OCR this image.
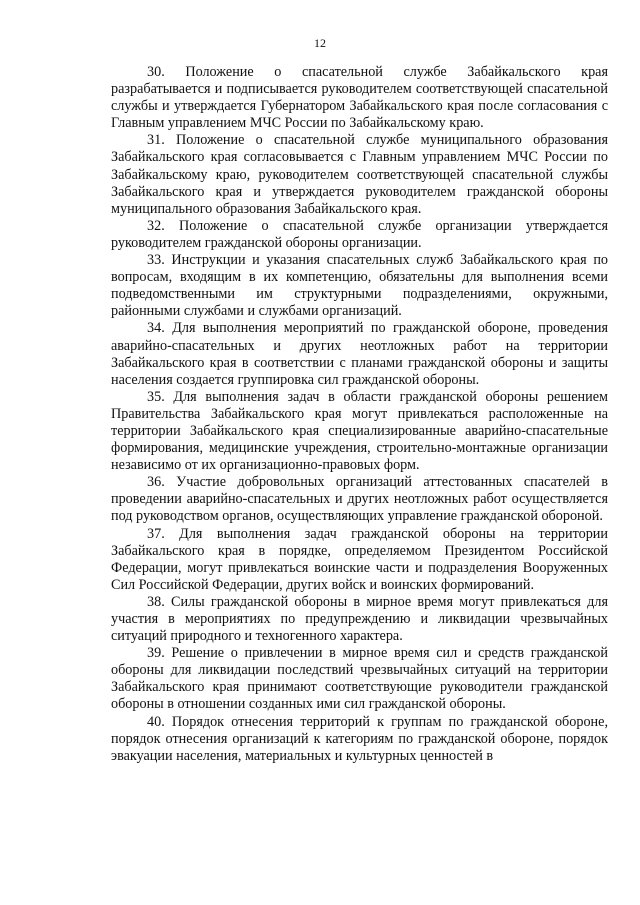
12

30. Положение о спасательной службе Забайкальского края разрабатывается и подписывается руководителем соответствующей спасательной службы и утверждается Губернатором Забайкальского края после согласования с Главным управлением МЧС России по Забайкальскому краю.

31. Положение о спасательной службе муниципального образования Забайкальского края согласовывается с Главным управлением МЧС России по Забайкальскому краю, руководителем соответствующей спасательной службы Забайкальского края и утверждается руководителем гражданской обороны муниципального образования Забайкальского края.

32. Положение о спасательной службе организации утверждается руководителем гражданской обороны организации.

33. Инструкции и указания спасательных служб Забайкальского края по вопросам, входящим в их компетенцию, обязательны для выполнения всеми подведомственными им структурными подразделениями, окружными, районными службами и службами организаций.

34. Для выполнения мероприятий по гражданской обороне, проведения аварийно-спасательных и других неотложных работ на территории Забайкальского края в соответствии с планами гражданской обороны и защиты населения создается группировка сил гражданской обороны.

35. Для выполнения задач в области гражданской обороны решением Правительства Забайкальского края могут привлекаться расположенные на территории Забайкальского края специализированные аварийно-спасательные формирования, медицинские учреждения, строительно-монтажные организации независимо от их организационно-правовых форм.

36. Участие добровольных организаций аттестованных спасателей в проведении аварийно-спасательных и других неотложных работ осуществляется под руководством органов, осуществляющих управление гражданской обороной.

37. Для выполнения задач гражданской обороны на территории Забайкальского края в порядке, определяемом Президентом Российской Федерации, могут привлекаться воинские части и подразделения Вооруженных Сил Российской Федерации, других войск и воинских формирований.

38. Силы гражданской обороны в мирное время могут привлекаться для участия в мероприятиях по предупреждению и ликвидации чрезвычайных ситуаций природного и техногенного характера.

39. Решение о привлечении в мирное время сил и средств гражданской обороны для ликвидации последствий чрезвычайных ситуаций на территории Забайкальского края принимают соответствующие руководители гражданской обороны в отношении созданных ими сил гражданской обороны.

40. Порядок отнесения территорий к группам по гражданской обороне, порядок отнесения организаций к категориям по гражданской обороне, порядок эвакуации населения, материальных и культурных ценностей в
